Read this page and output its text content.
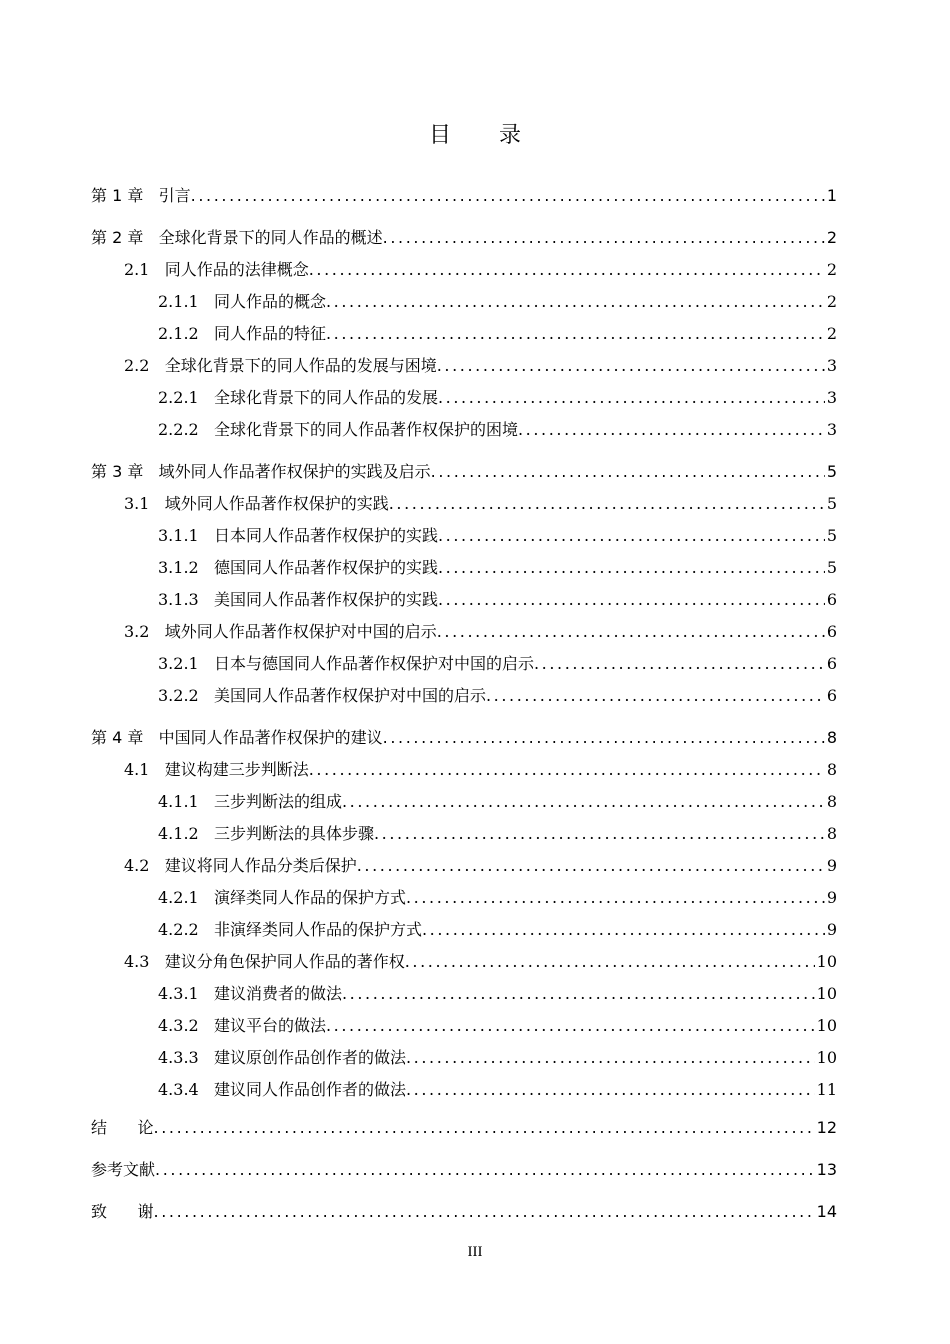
目 录
第 1 章 引言 .....	1
第 2 章 全球化背景下的同人作品的概述 .....	2
2.1 同人作品的法律概念 .....	2
2.1.1 同人作品的概念 .....	2
2.1.2 同人作品的特征 .....	2
2.2 全球化背景下的同人作品的发展与困境 .....	3
2.2.1 全球化背景下的同人作品的发展 .....	3
2.2.2 全球化背景下的同人作品著作权保护的困境 .....	3
第 3 章 域外同人作品著作权保护的实践及启示 .....	5
3.1 域外同人作品著作权保护的实践 .....	5
3.1.1 日本同人作品著作权保护的实践 .....	5
3.1.2 德国同人作品著作权保护的实践 .....	5
3.1.3 美国同人作品著作权保护的实践 .....	6
3.2 域外同人作品著作权保护对中国的启示 .....	6
3.2.1 日本与德国同人作品著作权保护对中国的启示 .....	6
3.2.2 美国同人作品著作权保护对中国的启示 .....	6
第 4 章 中国同人作品著作权保护的建议 .....	8
4.1 建议构建三步判断法 .....	8
4.1.1 三步判断法的组成 .....	8
4.1.2 三步判断法的具体步骤 .....	8
4.2 建议将同人作品分类后保护 .....	9
4.2.1 演绎类同人作品的保护方式 .....	9
4.2.2 非演绎类同人作品的保护方式 .....	9
4.3 建议分角色保护同人作品的著作权 .....	10
4.3.1 建议消费者的做法 .....	10
4.3.2 建议平台的做法 .....	10
4.3.3 建议原创作品创作者的做法 .....	10
4.3.4 建议同人作品创作者的做法 .....	11
结      论 .....	12
参考文献 .....	13
致      谢 .....	14
III
